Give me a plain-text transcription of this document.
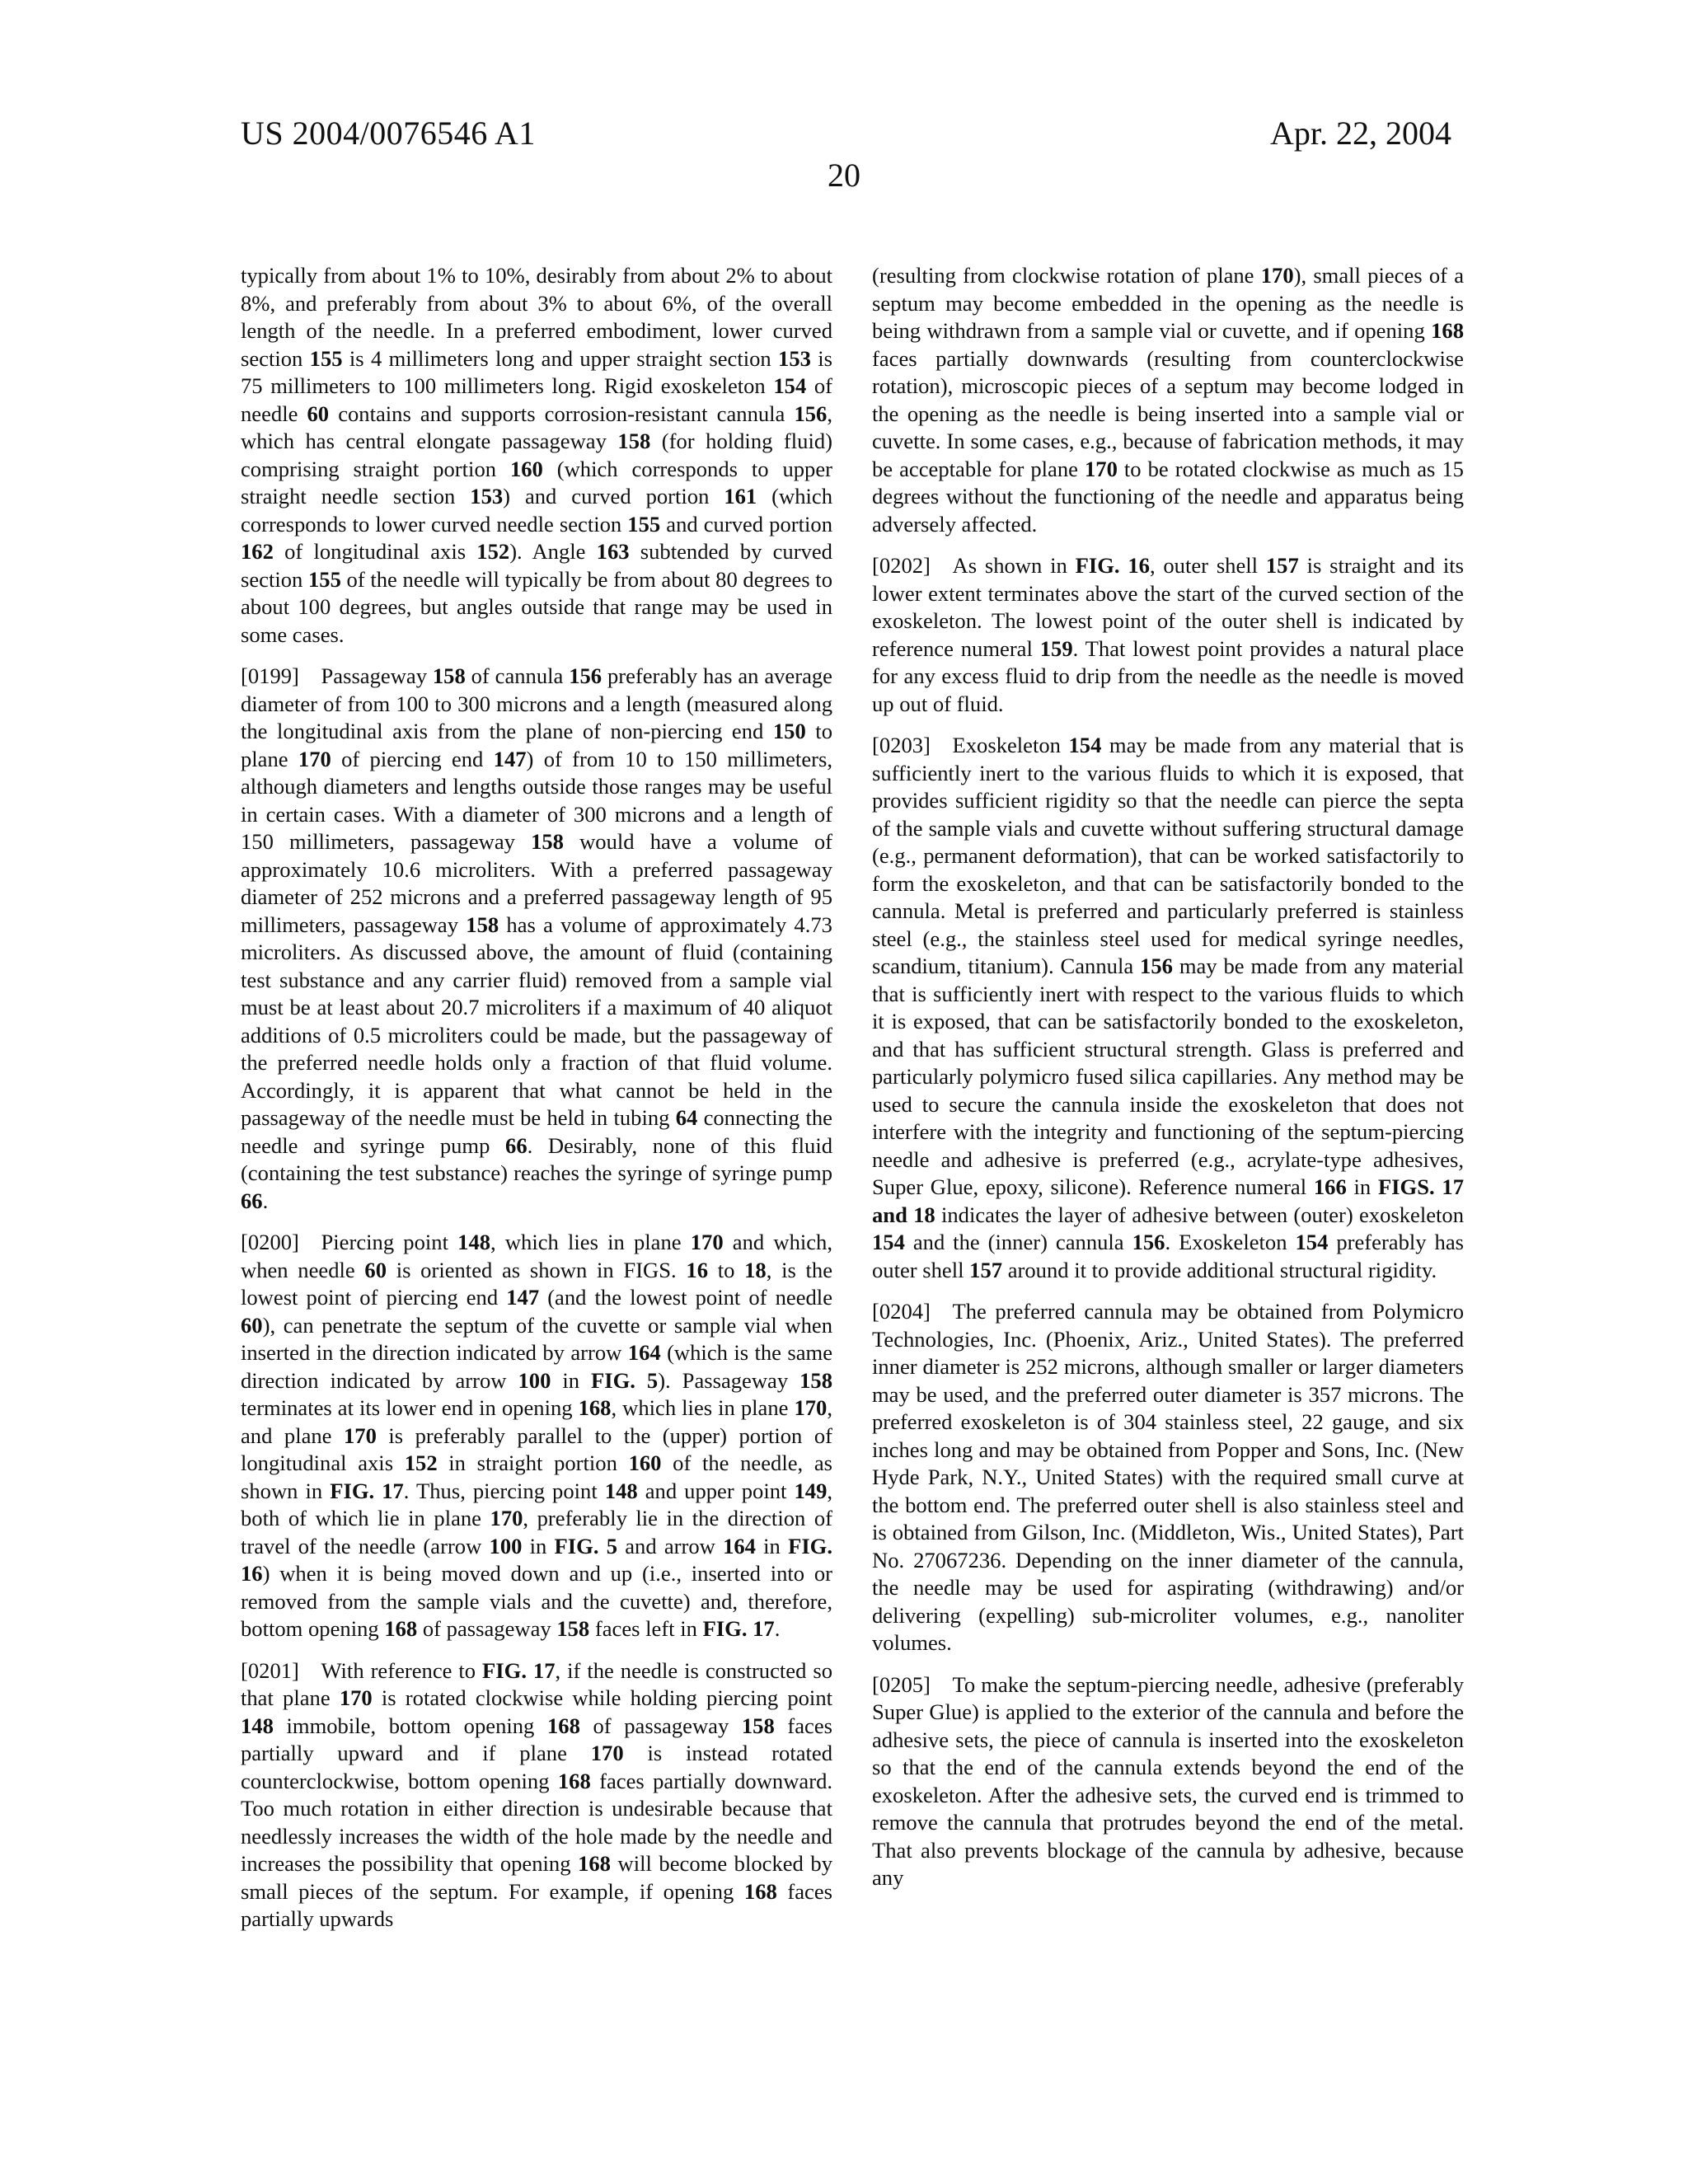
US 2004/0076546 A1	Apr. 22, 2004
20

typically from about 1% to 10%, desirably from about 2% to about 8%, and preferably from about 3% to about 6%, of the overall length of the needle. In a preferred embodiment, lower curved section 155 is 4 millimeters long and upper straight section 153 is 75 millimeters to 100 millimeters long. Rigid exoskeleton 154 of needle 60 contains and supports corrosion-resistant cannula 156, which has central elongate passageway 158 (for holding fluid) comprising straight portion 160 (which corresponds to upper straight needle section 153) and curved portion 161 (which corresponds to lower curved needle section 155 and curved portion 162 of longitudinal axis 152). Angle 163 subtended by curved section 155 of the needle will typically be from about 80 degrees to about 100 degrees, but angles outside that range may be used in some cases.

[0199]  Passageway 158 of cannula 156 preferably has an average diameter of from 100 to 300 microns and a length (measured along the longitudinal axis from the plane of non-piercing end 150 to plane 170 of piercing end 147) of from 10 to 150 millimeters, although diameters and lengths outside those ranges may be useful in certain cases. With a diameter of 300 microns and a length of 150 millimeters, passageway 158 would have a volume of approximately 10.6 microliters. With a preferred passageway diameter of 252 microns and a preferred passageway length of 95 millimeters, passageway 158 has a volume of approximately 4.73 microliters. As discussed above, the amount of fluid (containing test substance and any carrier fluid) removed from a sample vial must be at least about 20.7 microliters if a maximum of 40 aliquot additions of 0.5 microliters could be made, but the passageway of the preferred needle holds only a fraction of that fluid volume. Accordingly, it is apparent that what cannot be held in the passageway of the needle must be held in tubing 64 connecting the needle and syringe pump 66. Desirably, none of this fluid (containing the test substance) reaches the syringe of syringe pump 66.

[0200]  Piercing point 148, which lies in plane 170 and which, when needle 60 is oriented as shown in FIGS. 16 to 18, is the lowest point of piercing end 147 (and the lowest point of needle 60), can penetrate the septum of the cuvette or sample vial when inserted in the direction indicated by arrow 164 (which is the same direction indicated by arrow 100 in FIG. 5). Passageway 158 terminates at its lower end in opening 168, which lies in plane 170, and plane 170 is preferably parallel to the (upper) portion of longitudinal axis 152 in straight portion 160 of the needle, as shown in FIG. 17. Thus, piercing point 148 and upper point 149, both of which lie in plane 170, preferably lie in the direction of travel of the needle (arrow 100 in FIG. 5 and arrow 164 in FIG. 16) when it is being moved down and up (i.e., inserted into or removed from the sample vials and the cuvette) and, therefore, bottom opening 168 of passageway 158 faces left in FIG. 17.

[0201]  With reference to FIG. 17, if the needle is constructed so that plane 170 is rotated clockwise while holding piercing point 148 immobile, bottom opening 168 of passageway 158 faces partially upward and if plane 170 is instead rotated counterclockwise, bottom opening 168 faces partially downward. Too much rotation in either direction is undesirable because that needlessly increases the width of the hole made by the needle and increases the possibility that opening 168 will become blocked by small pieces of the septum. For example, if opening 168 faces partially upwards

(resulting from clockwise rotation of plane 170), small pieces of a septum may become embedded in the opening as the needle is being withdrawn from a sample vial or cuvette, and if opening 168 faces partially downwards (resulting from counterclockwise rotation), microscopic pieces of a septum may become lodged in the opening as the needle is being inserted into a sample vial or cuvette. In some cases, e.g., because of fabrication methods, it may be acceptable for plane 170 to be rotated clockwise as much as 15 degrees without the functioning of the needle and apparatus being adversely affected.

[0202]  As shown in FIG. 16, outer shell 157 is straight and its lower extent terminates above the start of the curved section of the exoskeleton. The lowest point of the outer shell is indicated by reference numeral 159. That lowest point provides a natural place for any excess fluid to drip from the needle as the needle is moved up out of fluid.

[0203]  Exoskeleton 154 may be made from any material that is sufficiently inert to the various fluids to which it is exposed, that provides sufficient rigidity so that the needle can pierce the septa of the sample vials and cuvette without suffering structural damage (e.g., permanent deformation), that can be worked satisfactorily to form the exoskeleton, and that can be satisfactorily bonded to the cannula. Metal is preferred and particularly preferred is stainless steel (e.g., the stainless steel used for medical syringe needles, scandium, titanium). Cannula 156 may be made from any material that is sufficiently inert with respect to the various fluids to which it is exposed, that can be satisfactorily bonded to the exoskeleton, and that has sufficient structural strength. Glass is preferred and particularly polymicro fused silica capillaries. Any method may be used to secure the cannula inside the exoskeleton that does not interfere with the integrity and functioning of the septum-piercing needle and adhesive is preferred (e.g., acrylate-type adhesives, Super Glue, epoxy, silicone). Reference numeral 166 in FIGS. 17 and 18 indicates the layer of adhesive between (outer) exoskeleton 154 and the (inner) cannula 156. Exoskeleton 154 preferably has outer shell 157 around it to provide additional structural rigidity.

[0204]  The preferred cannula may be obtained from Polymicro Technologies, Inc. (Phoenix, Ariz., United States). The preferred inner diameter is 252 microns, although smaller or larger diameters may be used, and the preferred outer diameter is 357 microns. The preferred exoskeleton is of 304 stainless steel, 22 gauge, and six inches long and may be obtained from Popper and Sons, Inc. (New Hyde Park, N.Y., United States) with the required small curve at the bottom end. The preferred outer shell is also stainless steel and is obtained from Gilson, Inc. (Middleton, Wis., United States), Part No. 27067236. Depending on the inner diameter of the cannula, the needle may be used for aspirating (withdrawing) and/or delivering (expelling) sub-microliter volumes, e.g., nanoliter volumes.

[0205]  To make the septum-piercing needle, adhesive (preferably Super Glue) is applied to the exterior of the cannula and before the adhesive sets, the piece of cannula is inserted into the exoskeleton so that the end of the cannula extends beyond the end of the exoskeleton. After the adhesive sets, the curved end is trimmed to remove the cannula that protrudes beyond the end of the metal. That also prevents blockage of the cannula by adhesive, because any
